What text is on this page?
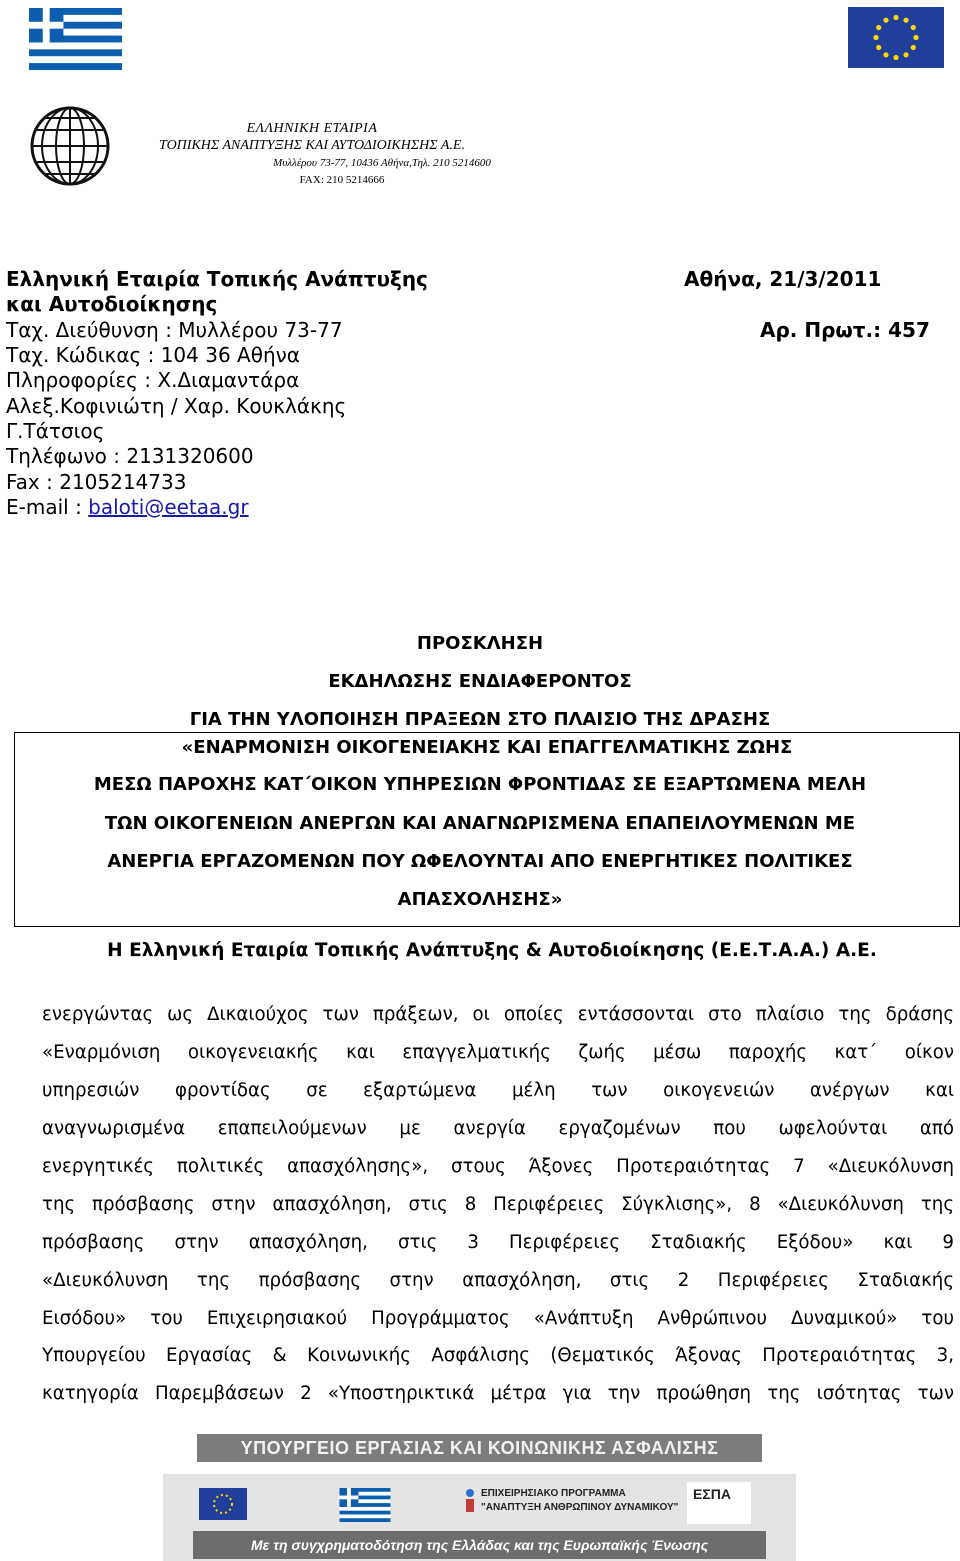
ΕΛΛΗΝΙΚΗ ΕΤΑΙΡΙΑ
ΤΟΠΙΚΗΣ ΑΝΑΠΤΥΞΗΣ ΚΑΙ ΑΥΤΟΔΙΟΙΚΗΣΗΣ Α.Ε.
Μυλλέρου 73-77, 10436 Αθήνα,Τηλ. 210 5214600
FAX: 210 5214666
Ελληνική Εταιρία Τοπικής Ανάπτυξης
και Αυτοδιοίκησης
Ταχ. Διεύθυνση : Μυλλέρου 73-77
Ταχ. Κώδικας : 104 36 Αθήνα
Πληροφορίες : Χ.Διαμαντάρα
Αλεξ.Κοφινιώτη / Χαρ. Κουκλάκης
Γ.Τάτσιος
Τηλέφωνο : 2131320600
Fax : 2105214733
E-mail : baloti@eetaa.gr
Αθήνα, 21/3/2011
Αρ. Πρωτ.: 457
ΠΡΟΣΚΛΗΣΗ
ΕΚΔΗΛΩΣΗΣ ΕΝΔΙΑΦΕΡΟΝΤΟΣ
ΓΙΑ ΤΗΝ ΥΛΟΠΟΙΗΣΗ ΠΡΑΞΕΩΝ ΣΤΟ ΠΛΑΙΣΙΟ ΤΗΣ ΔΡΑΣΗΣ
«ΕΝΑΡΜΟΝΙΣΗ ΟΙΚΟΓΕΝΕΙΑΚΗΣ ΚΑΙ ΕΠΑΓΓΕΛΜΑΤΙΚΗΣ ΖΩΗΣ
ΜΕΣΩ ΠΑΡΟΧΗΣ ΚΑΤ΄ΟΙΚΟΝ ΥΠΗΡΕΣΙΩΝ ΦΡΟΝΤΙΔΑΣ ΣΕ ΕΞΑΡΤΩΜΕΝΑ ΜΕΛΗ
ΤΩΝ ΟΙΚΟΓΕΝΕΙΩΝ ΑΝΕΡΓΩΝ ΚΑΙ ΑΝΑΓΝΩΡΙΣΜΕΝΑ ΕΠΑΠΕΙΛΟΥΜΕΝΩΝ ΜΕ
ΑΝΕΡΓΙΑ ΕΡΓΑΖΟΜΕΝΩΝ ΠΟΥ ΩΦΕΛΟΥΝΤΑΙ ΑΠΟ ΕΝΕΡΓΗΤΙΚΕΣ ΠΟΛΙΤΙΚΕΣ
ΑΠΑΣΧΟΛΗΣΗΣ»
Η Ελληνική Εταιρία Τοπικής Ανάπτυξης & Αυτοδιοίκησης (Ε.Ε.Τ.Α.Α.) Α.Ε.
ενεργώντας ως Δικαιούχος των πράξεων, οι οποίες εντάσσονται στο πλαίσιο της δράσης
«Εναρμόνιση οικογενειακής και επαγγελματικής ζωής μέσω παροχής κατ΄ οίκον
υπηρεσιών φροντίδας σε εξαρτώμενα μέλη των οικογενειών ανέργων και
αναγνωρισμένα επαπειλούμενων με ανεργία εργαζομένων που ωφελούνται από
ενεργητικές πολιτικές απασχόλησης», στους Άξονες Προτεραιότητας 7 «Διευκόλυνση
της πρόσβασης στην απασχόληση, στις 8 Περιφέρειες Σύγκλισης», 8 «Διευκόλυνση της
πρόσβασης στην απασχόληση, στις 3 Περιφέρειες Σταδιακής Εξόδου» και 9
«Διευκόλυνση της πρόσβασης στην απασχόληση, στις 2 Περιφέρειες Σταδιακής
Εισόδου» του Επιχειρησιακού Προγράμματος «Ανάπτυξη Ανθρώπινου Δυναμικού» του
Υπουργείου Εργασίας & Κοινωνικής Ασφάλισης (Θεματικός Άξονας Προτεραιότητας 3,
κατηγορία Παρεμβάσεων 2 «Υποστηρικτικά μέτρα για την προώθηση της ισότητας των
ΥΠΟΥΡΓΕΙΟ ΕΡΓΑΣΙΑΣ ΚΑΙ ΚΟΙΝΩΝΙΚΗΣ ΑΣΦΑΛΙΣΗΣ
ΕΠΙΧΕΙΡΗΣΙΑΚΟ ΠΡΟΓΡΑΜΜΑ
"ΑΝΑΠΤΥΞΗ ΑΝΘΡΩΠΙΝΟΥ ΔΥΝΑΜΙΚΟΥ"
ΕΣΠΑ
Με τη συγχρηματοδότηση της Ελλάδας και της Ευρωπαϊκής Ένωσης
